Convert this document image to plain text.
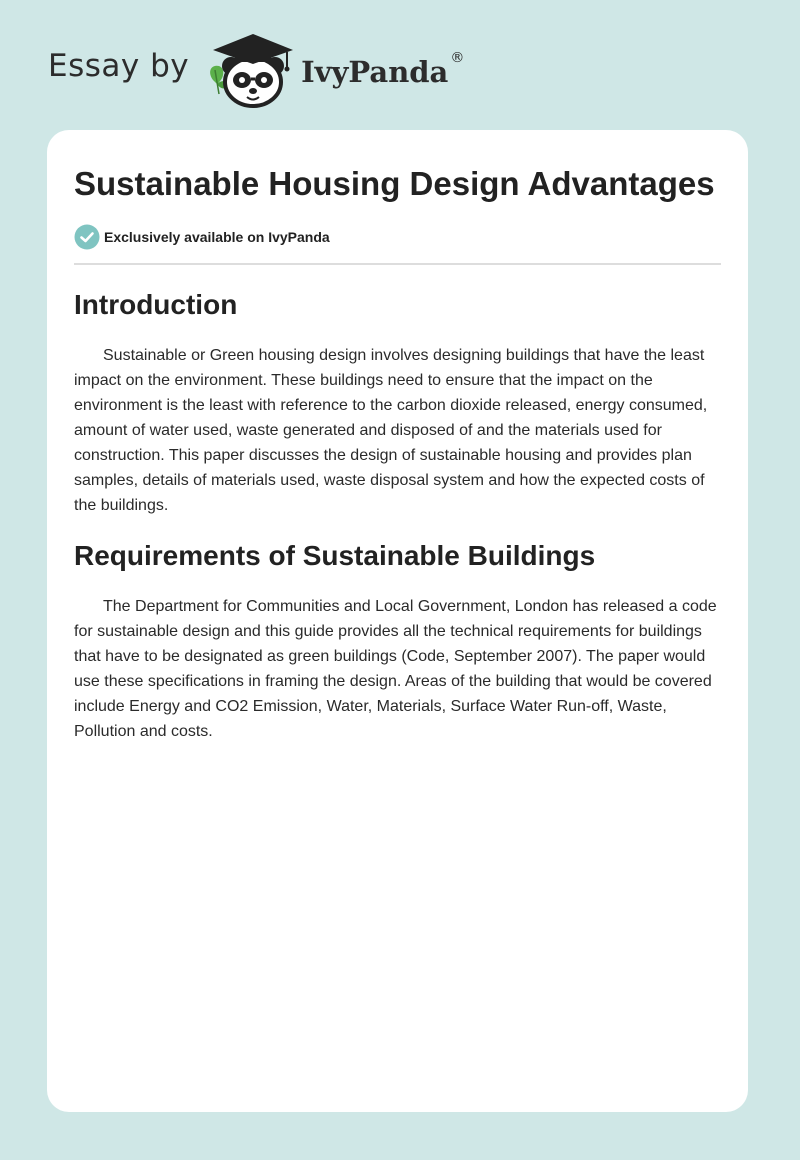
Essay by	IvyPanda ®
Sustainable Housing Design Advantages
Exclusively available on IvyPanda
Introduction

Sustainable or Green housing design involves designing buildings that have the least impact on the environment. These buildings need to ensure that the impact on the environment is the least with reference to the carbon dioxide released, energy consumed, amount of water used, waste generated and disposed of and the materials used for construction. This paper discusses the design of sustainable housing and provides plan samples, details of materials used, waste disposal system and how the expected costs of the buildings.

Requirements of Sustainable Buildings

The Department for Communities and Local Government, London has released a code for sustainable design and this guide provides all the technical requirements for buildings that have to be designated as green buildings (Code, September 2007). The paper would use these specifications in framing the design. Areas of the building that would be covered include Energy and CO2 Emission, Water, Materials, Surface Water Run-off, Waste, Pollution and costs.
